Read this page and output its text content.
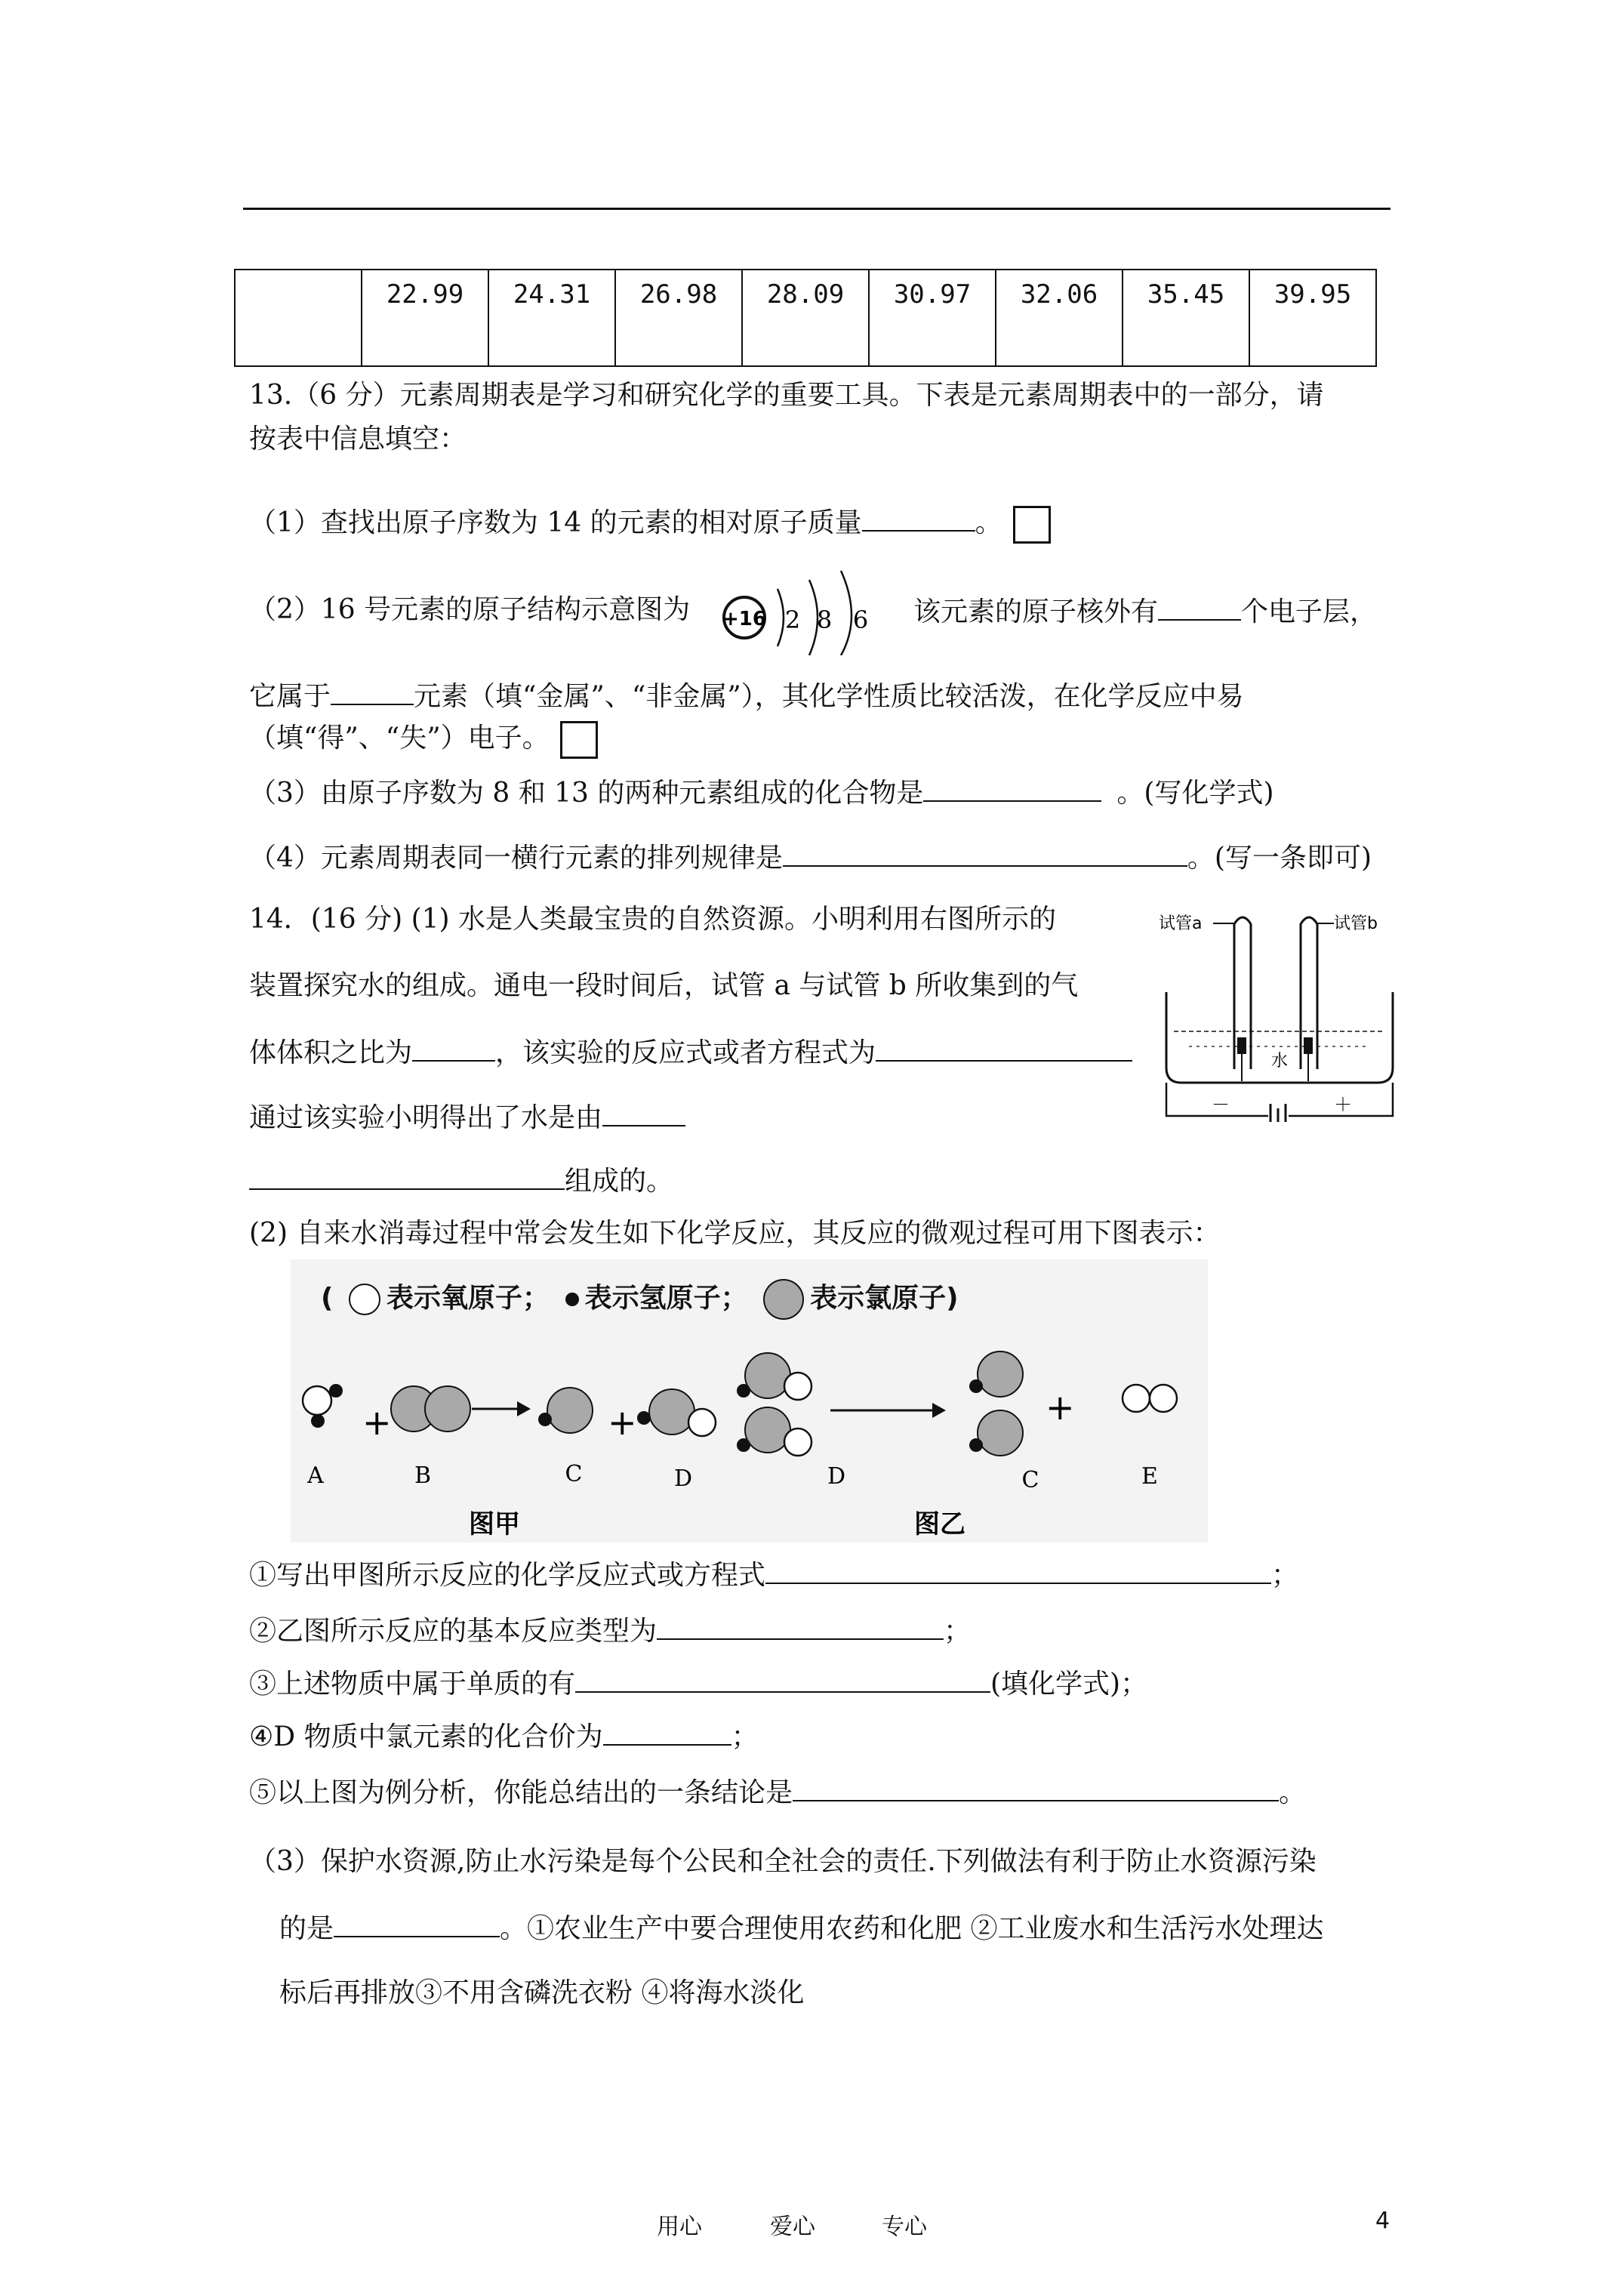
	22.99	24.31	26.98	28.09	30.97	32.06	35.45	39.95
13.（6 分）元素周期表是学习和研究化学的重要工具。下表是元素周期表中的一部分，请
按表中信息填空：
（1）查找出原子序数为 14 的元素的相对原子质量	。
（2）16 号元素的原子结构示意图为 +16 2 8 6 该元素的原子核外有	个电子层，
它属于	元素（填“金属”、“非金属”），其化学性质比较活泼，在化学反应中易
（填“得”、“失”）电子。
（3）由原子序数为 8 和 13 的两种元素组成的化合物是	。(写化学式)
（4）元素周期表同一横行元素的排列规律是	。(写一条即可)
14．(16 分) (1) 水是人类最宝贵的自然资源。小明利用右图所示的
装置探究水的组成。通电一段时间后，试管 a 与试管 b 所收集到的气
体体积之比为	，该实验的反应式或者方程式为
通过该实验小明得出了水是由
组成的。
试管a	试管b
水
－	＋
(2) 自来水消毒过程中常会发生如下化学反应，其反应的微观过程可用下图表示：
( 表示氧原子； 表示氢原子； 表示氯原子)
+	+	+
A	B	C	D	D	C	E
图甲	图乙
①写出甲图所示反应的化学反应式或方程式	；
②乙图所示反应的基本反应类型为	；
③上述物质中属于单质的有	(填化学式)；
④D 物质中氯元素的化合价为	；
⑤以上图为例分析，你能总结出的一条结论是	。
（3）保护水资源,防止水污染是每个公民和全社会的责任.下列做法有利于防止水资源污染
的是	。①农业生产中要合理使用农药和化肥 ②工业废水和生活污水处理达
标后再排放③不用含磷洗衣粉 ④将海水淡化
用心	爱心	专心	4
